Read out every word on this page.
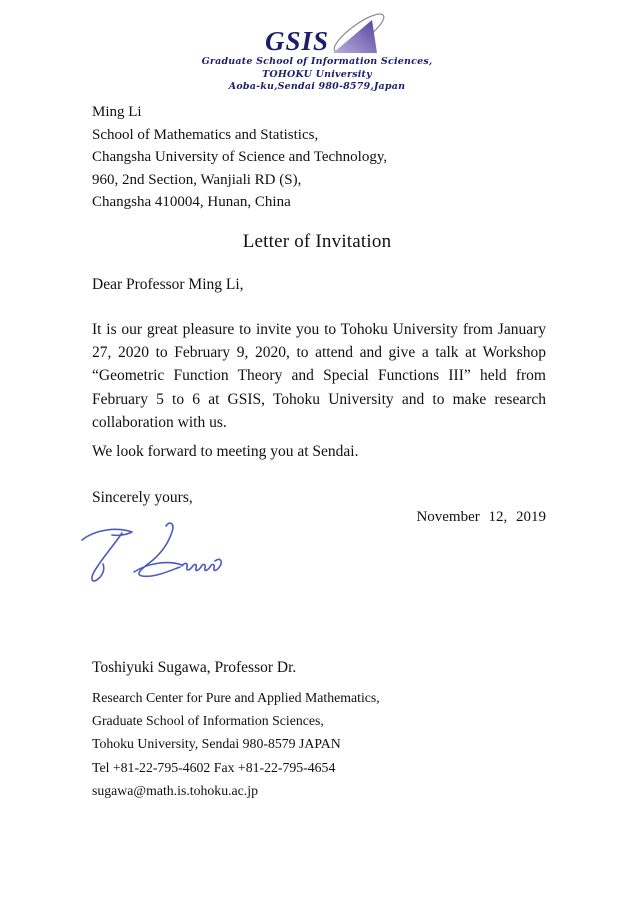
GSIS
Graduate School of Information Sciences,
TOHOKU University
Aoba-ku,Sendai 980-8579,Japan
Ming Li
School of Mathematics and Statistics,
Changsha University of Science and Technology,
960, 2nd Section, Wanjiali RD (S),
Changsha 410004, Hunan, China
Letter of Invitation
Dear Professor Ming Li,
It is our great pleasure to invite you to Tohoku University from January 27, 2020 to February 9, 2020, to attend and give a talk at Workshop “Geometric Function Theory and Special Functions III” held from February 5 to 6 at GSIS, Tohoku University and to make research collaboration with us.
We look forward to meeting you at Sendai.
Sincerely yours,
November 12, 2019
Toshiyuki Sugawa, Professor Dr.
Research Center for Pure and Applied Mathematics,
Graduate School of Information Sciences,
Tohoku University, Sendai 980-8579 JAPAN
Tel +81-22-795-4602 Fax +81-22-795-4654
sugawa@math.is.tohoku.ac.jp
